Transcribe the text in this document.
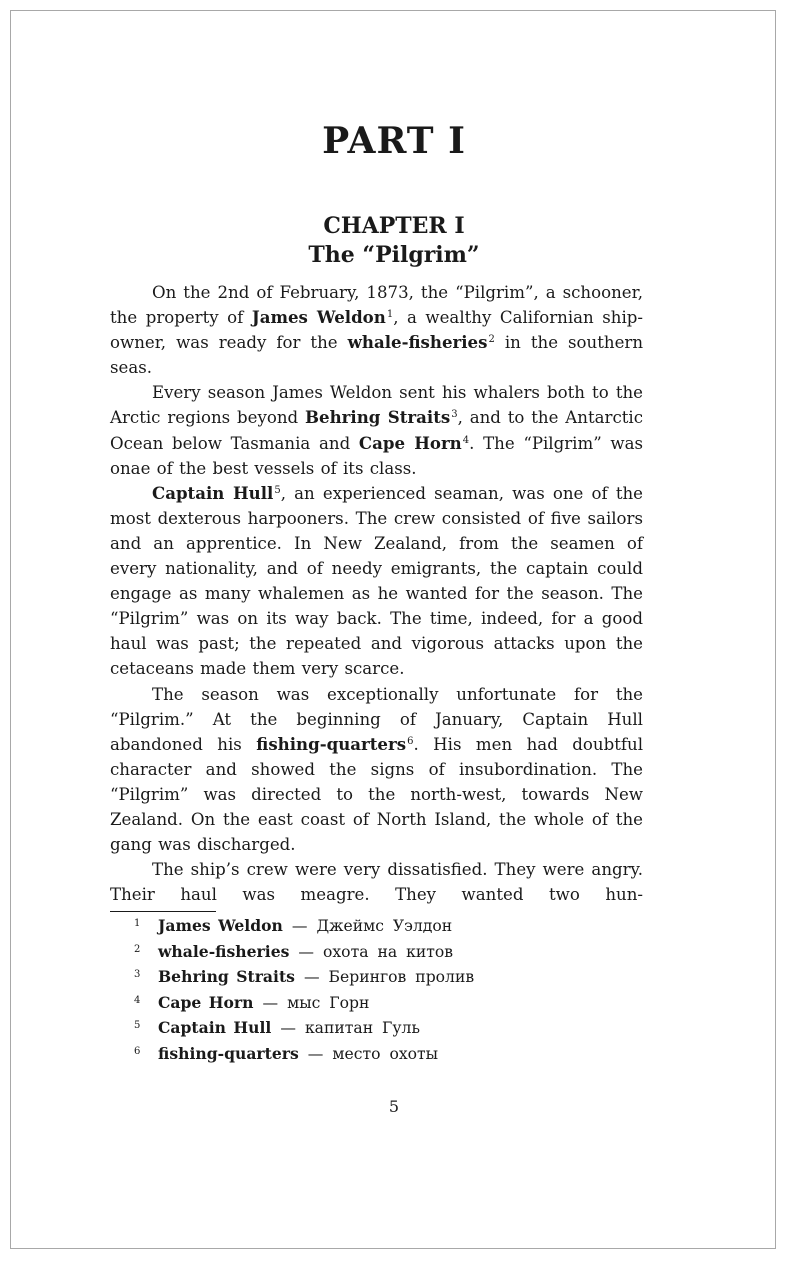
PART I
CHAPTER I
The “Pilgrim”

On the 2nd of February, 1873, the “Pilgrim”, a schooner, the property of James Weldon$^1$, a wealthy Californian ship-owner, was ready for the whale-fisheries$^2$ in the southern seas.

Every season James Weldon sent his whalers both to the Arctic regions beyond Behring Straits$^3$, and to the Antarctic Ocean below Tasmania and Cape Horn$^4$. The “Pilgrim” was onae of the best vessels of its class.

Captain Hull$^5$, an experienced seaman, was one of the most dexterous harpooners. The crew consisted of five sailors and an apprentice. In New Zealand, from the seamen of every nationality, and of needy emigrants, the captain could engage as many whalemen as he wanted for the season. The “Pilgrim” was on its way back. The time, indeed, for a good haul was past; the repeated and vigorous attacks upon the cetaceans made them very scarce.

The season was exceptionally unfortunate for the “Pilgrim.” At the beginning of January, Captain Hull abandoned his fishing-quarters$^6$. His men had doubtful character and showed the signs of insubordination. The “Pilgrim” was directed to the north-west, towards New Zealand. On the east coast of North Island, the whole of the gang was discharged.

The ship’s crew were very dissatisfied. They were angry. Their haul was meagre. They wanted two hun-

1	James Weldon — Джеймс Уэлдон
2	whale-fisheries — охота на китов
3	Behring Straits — Берингов пролив
4	Cape Horn — мыс Горн
5	Captain Hull — капитан Гуль
6	fishing-quarters — место охоты
5
